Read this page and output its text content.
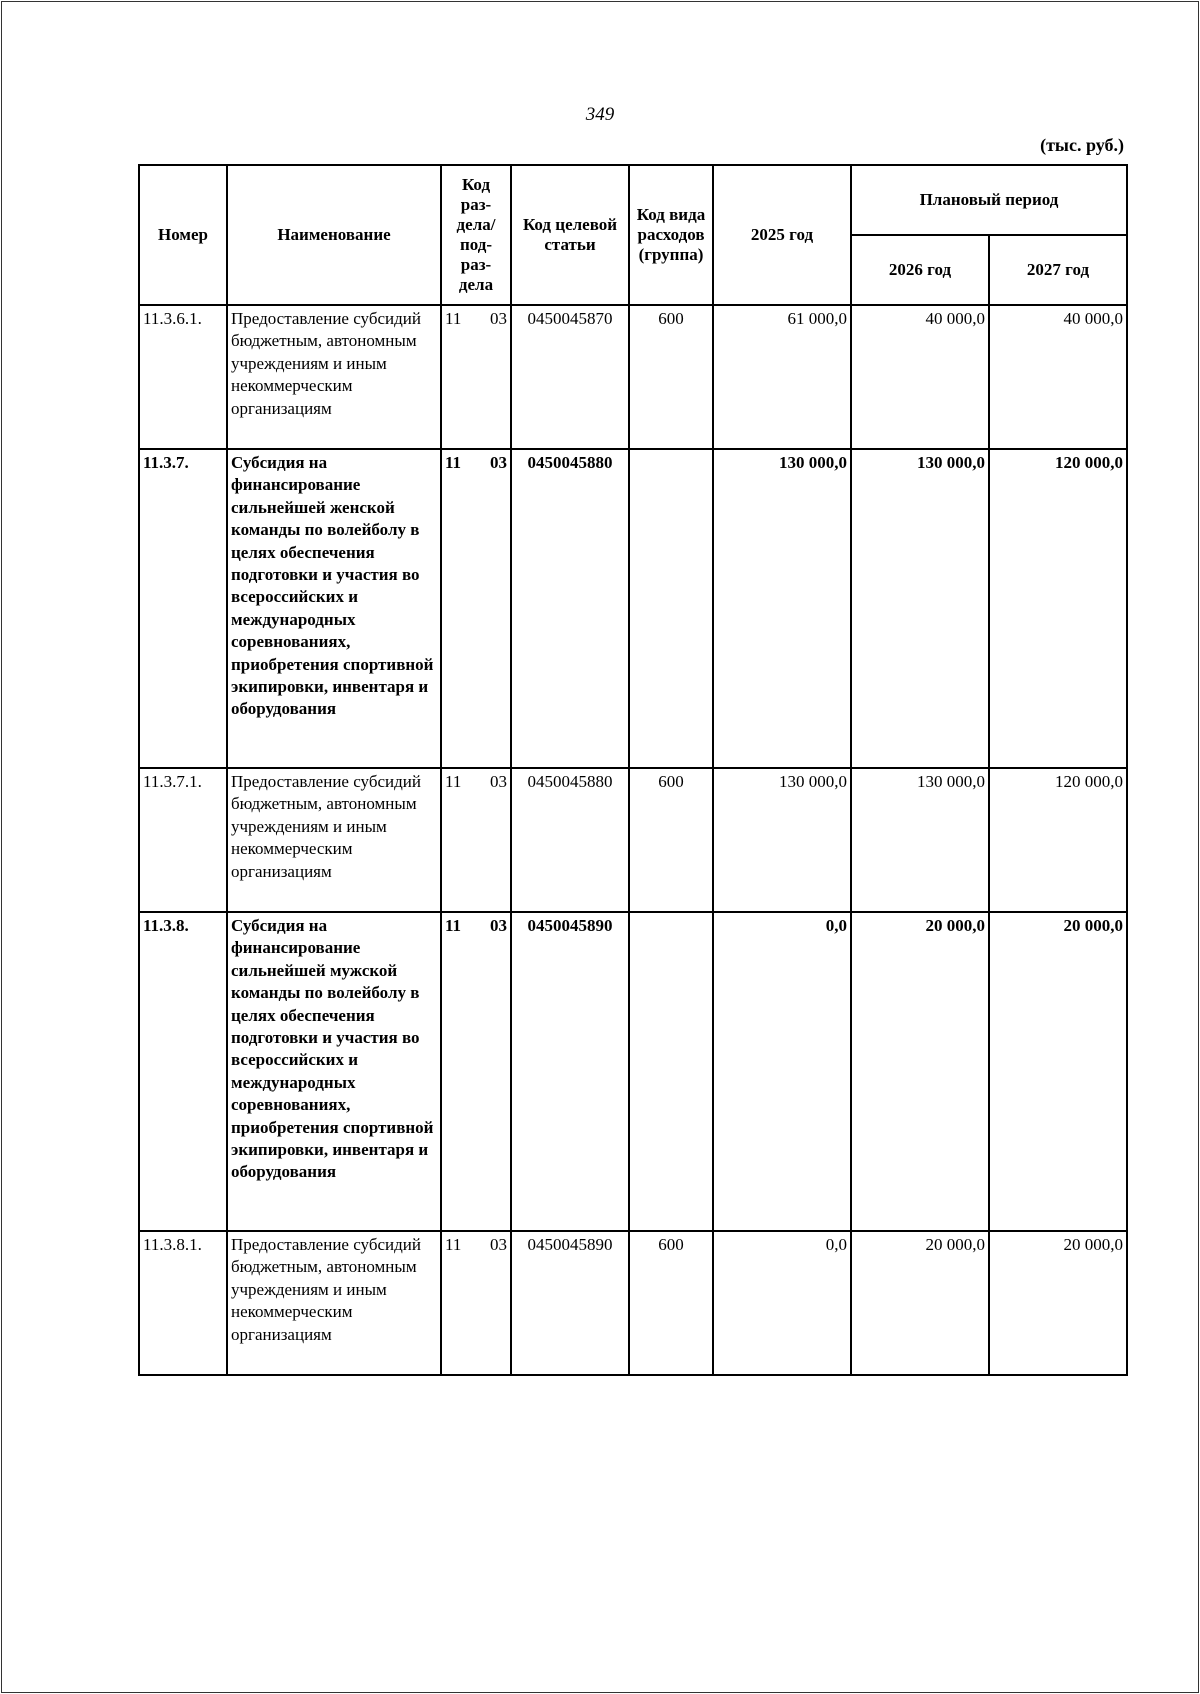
349
(тыс. руб.)
Номер	Наименование	Код раз- дела/ под- раз- дела	Код целевой статьи	Код вида расходов (группа)	2025 год	Плановый период	
						2026 год	2027 год
11.3.6.1.	Предоставление субсидий бюджетным, автономным учреждениям и иным некоммерческим организациям	11 03	0450045870	600	61 000,0	40 000,0	40 000,0
11.3.7.	Субсидия на финансирование сильнейшей женской команды по волейболу в целях обеспечения подготовки и участия во всероссийских и международных соревнованиях, приобретения спортивной экипировки, инвентаря и оборудования	11 03	0450045880		130 000,0	130 000,0	120 000,0
11.3.7.1.	Предоставление субсидий бюджетным, автономным учреждениям и иным некоммерческим организациям	11 03	0450045880	600	130 000,0	130 000,0	120 000,0
11.3.8.	Субсидия на финансирование сильнейшей мужской команды по волейболу в целях обеспечения подготовки и участия во всероссийских и международных соревнованиях, приобретения спортивной экипировки, инвентаря и оборудования	11 03	0450045890		0,0	20 000,0	20 000,0
11.3.8.1.	Предоставление субсидий бюджетным, автономным учреждениям и иным некоммерческим организациям	11 03	0450045890	600	0,0	20 000,0	20 000,0
